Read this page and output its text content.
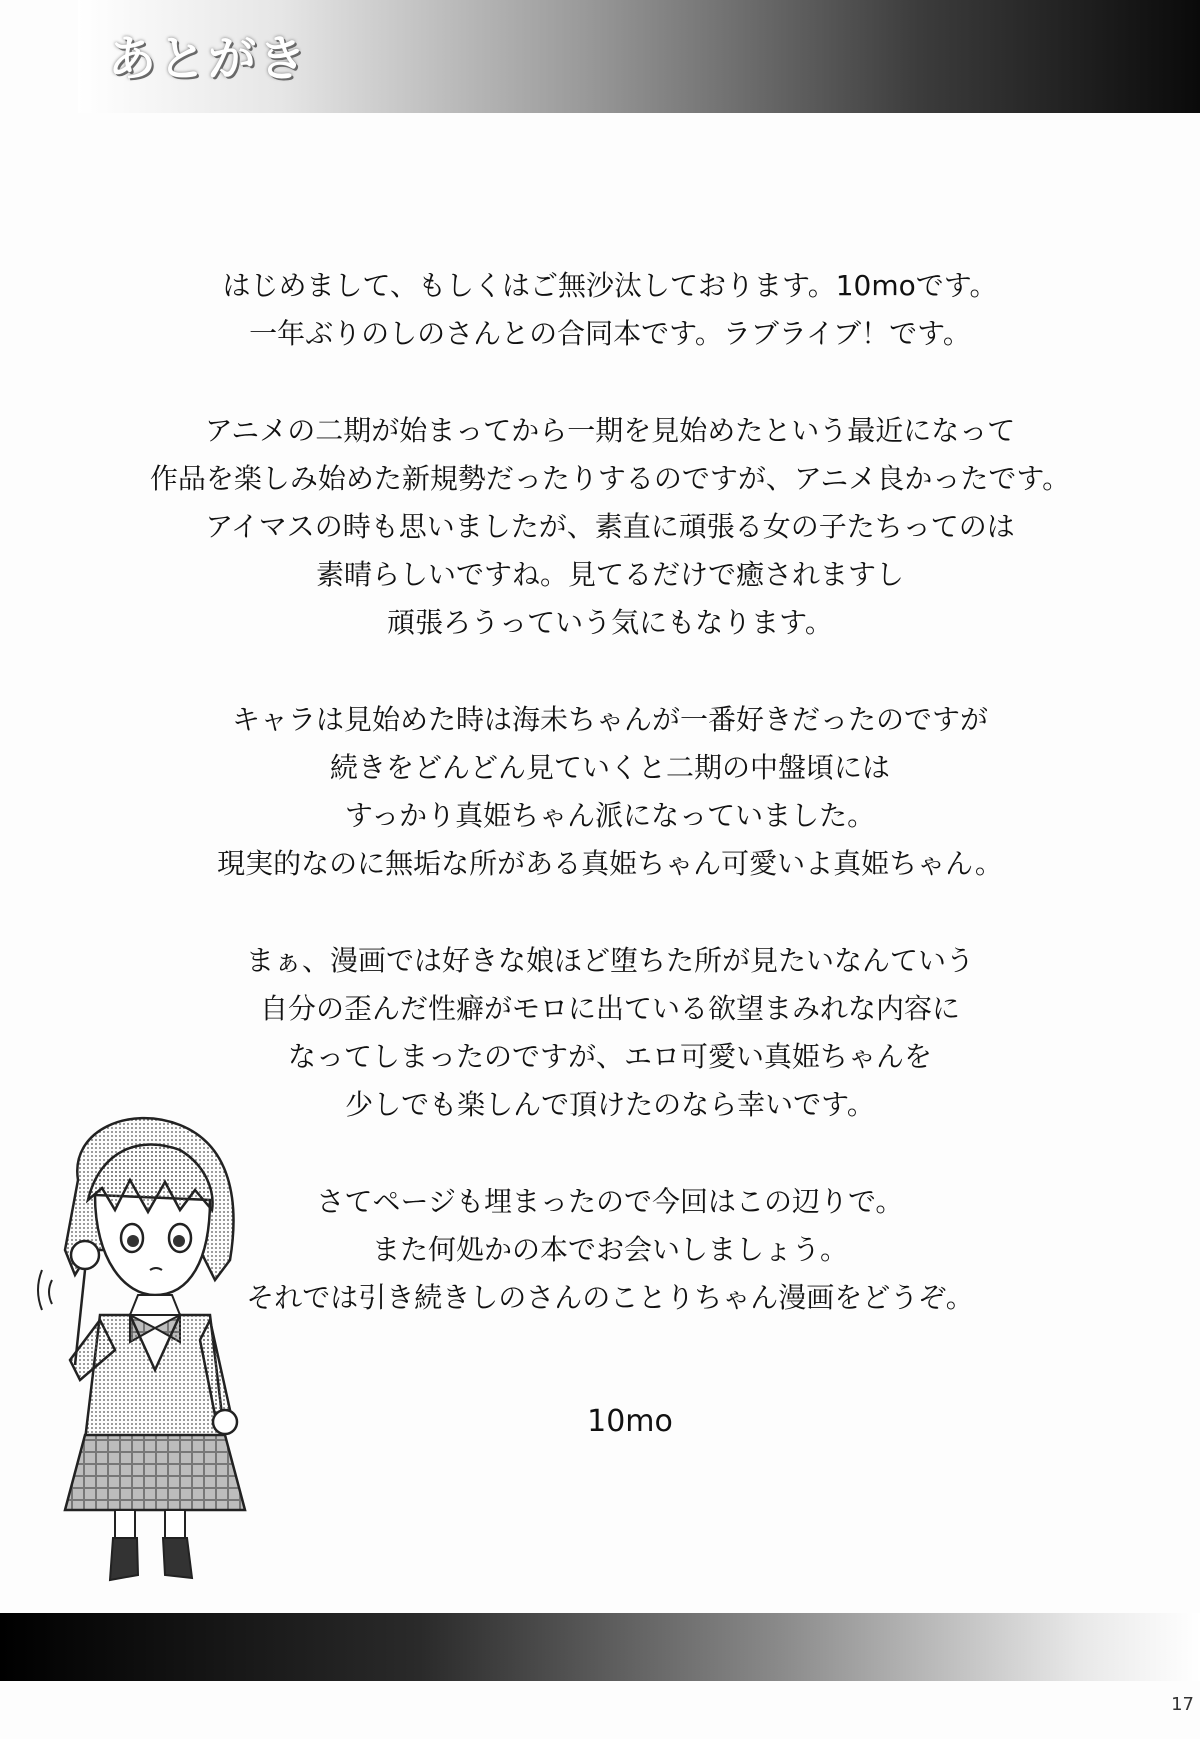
あとがき
はじめまして、もしくはご無沙汰しております。10moです。
一年ぶりのしのさんとの合同本です。ラブライブ！です。
アニメの二期が始まってから一期を見始めたという最近になって
作品を楽しみ始めた新規勢だったりするのですが、アニメ良かったです。
アイマスの時も思いましたが、素直に頑張る女の子たちってのは
素晴らしいですね。見てるだけで癒されますし
頑張ろうっていう気にもなります。
キャラは見始めた時は海未ちゃんが一番好きだったのですが
続きをどんどん見ていくと二期の中盤頃には
すっかり真姫ちゃん派になっていました。
現実的なのに無垢な所がある真姫ちゃん可愛いよ真姫ちゃん。
まぁ、漫画では好きな娘ほど堕ちた所が見たいなんていう
自分の歪んだ性癖がモロに出ている欲望まみれな内容に
なってしまったのですが、エロ可愛い真姫ちゃんを
少しでも楽しんで頂けたのなら幸いです。
さてページも埋まったので今回はこの辺りで。
また何処かの本でお会いしましょう。
それでは引き続きしのさんのことりちゃん漫画をどうぞ。
10mo
17
